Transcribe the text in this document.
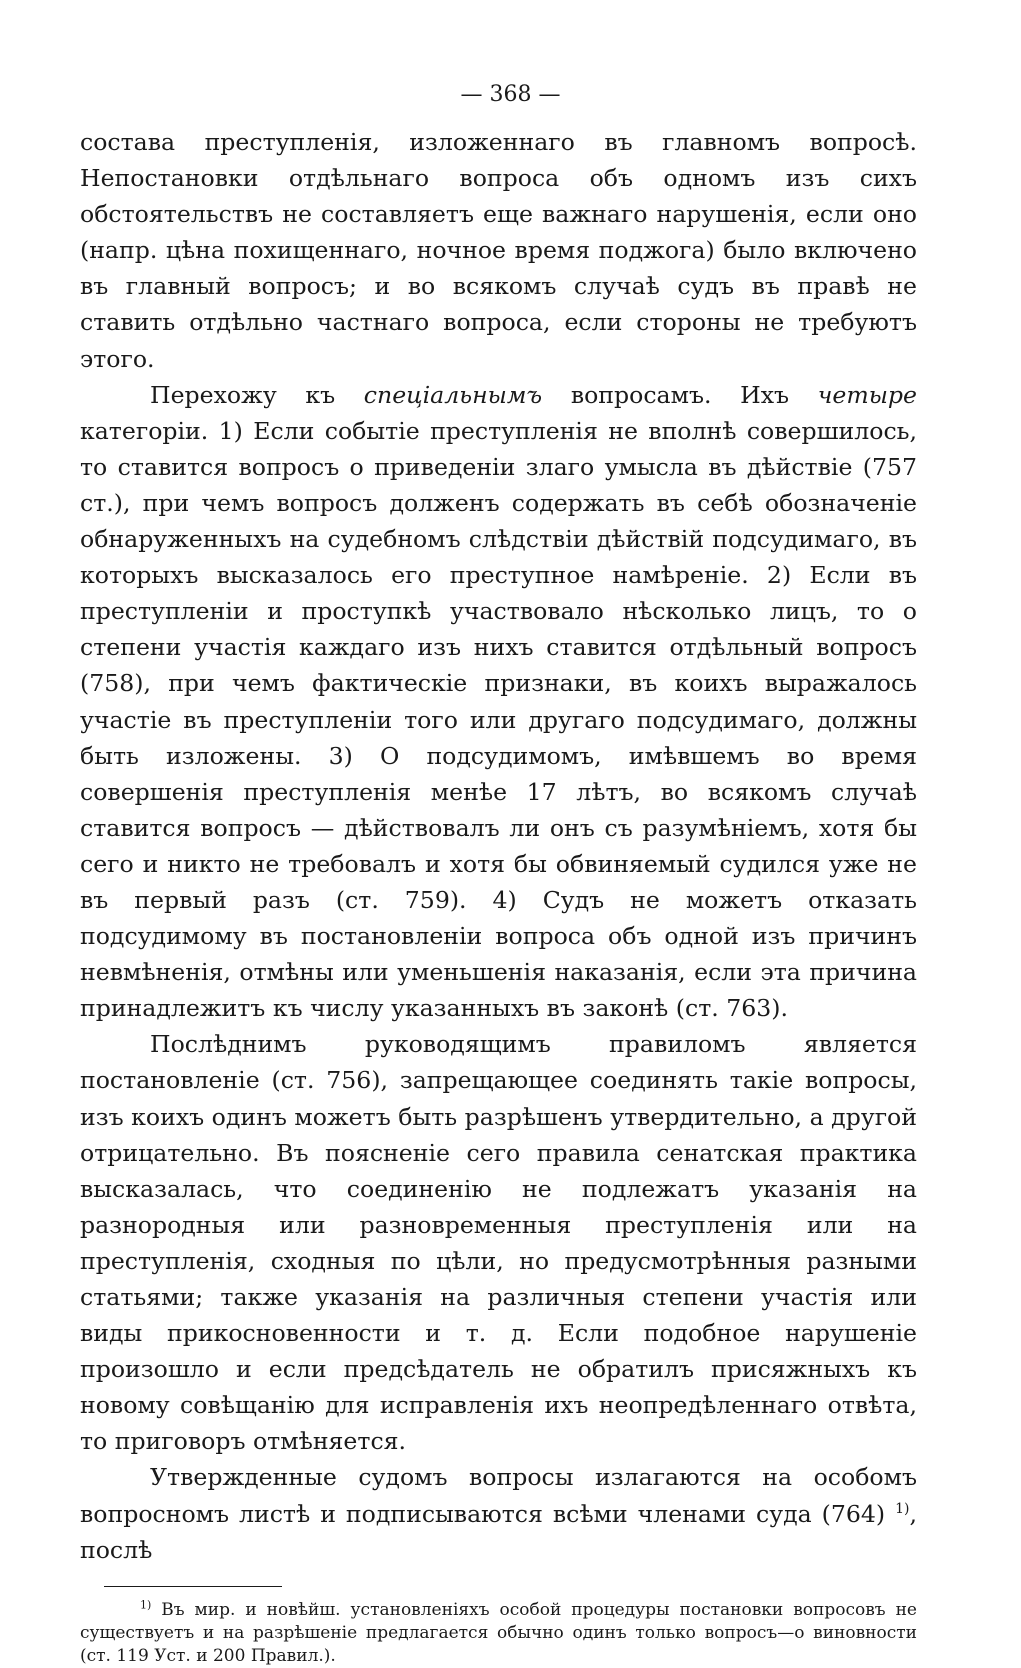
— 368 —

состава преступленія, изложеннаго въ главномъ вопросѣ. Непостановки отдѣльнаго вопроса объ одномъ изъ сихъ обстоятельствъ не составляетъ еще важнаго нарушенія, если оно (напр. цѣна похищеннаго, ночное время поджога) было включено въ главный вопросъ; и во всякомъ случаѣ судъ въ правѣ не ставить отдѣльно частнаго вопроса, если стороны не требуютъ этого.

Перехожу къ спеціальнымъ вопросамъ. Ихъ четыре категоріи. 1) Если событіе преступленія не вполнѣ совершилось, то ставится вопросъ о приведеніи злаго умысла въ дѣйствіе (757 ст.), при чемъ вопросъ долженъ содержать въ себѣ обозначеніе обнаруженныхъ на судебномъ слѣдствіи дѣйствій подсудимаго, въ которыхъ высказалось его преступное намѣреніе. 2) Если въ преступленіи и проступкѣ участвовало нѣсколько лицъ, то о степени участія каждаго изъ нихъ ставится отдѣльный вопросъ (758), при чемъ фактическіе признаки, въ коихъ выражалось участіе въ преступленіи того или другаго подсудимаго, должны быть изложены. 3) О подсудимомъ, имѣвшемъ во время совершенія преступленія менѣе 17 лѣтъ, во всякомъ случаѣ ставится вопросъ — дѣйствовалъ ли онъ съ разумѣніемъ, хотя бы сего и никто не требовалъ и хотя бы обвиняемый судился уже не въ первый разъ (ст. 759). 4) Судъ не можетъ отказать подсудимому въ постановленіи вопроса объ одной изъ причинъ невмѣненія, отмѣны или уменьшенія наказанія, если эта причина принадлежитъ къ числу указанныхъ въ законѣ (ст. 763).

Послѣднимъ руководящимъ правиломъ является постановленіе (ст. 756), запрещающее соединять такіе вопросы, изъ коихъ одинъ можетъ быть разрѣшенъ утвердительно, а другой отрицательно. Въ поясненіе сего правила сенатская практика высказалась, что соединенію не подлежатъ указанія на разнородныя или разновременныя преступленія или на преступленія, сходныя по цѣли, но предусмотрѣнныя разными статьями; также указанія на различныя степени участія или виды прикосновенности и т. д. Если подобное нарушеніе произошло и если предсѣдатель не обратилъ присяжныхъ къ новому совѣщанію для исправленія ихъ неопредѣленнаго отвѣта, то приговоръ отмѣняется.

Утвержденные судомъ вопросы излагаются на особомъ вопросномъ листѣ и подписываются всѣми членами суда (764) $^{1)}$, послѣ

$^{1)}$ Въ мир. и новѣйш. установленіяхъ особой процедуры постановки вопросовъ не существуетъ и на разрѣшеніе предлагается обычно одинъ только вопросъ—о виновности (ст. 119 Уст. и 200 Правил.).
